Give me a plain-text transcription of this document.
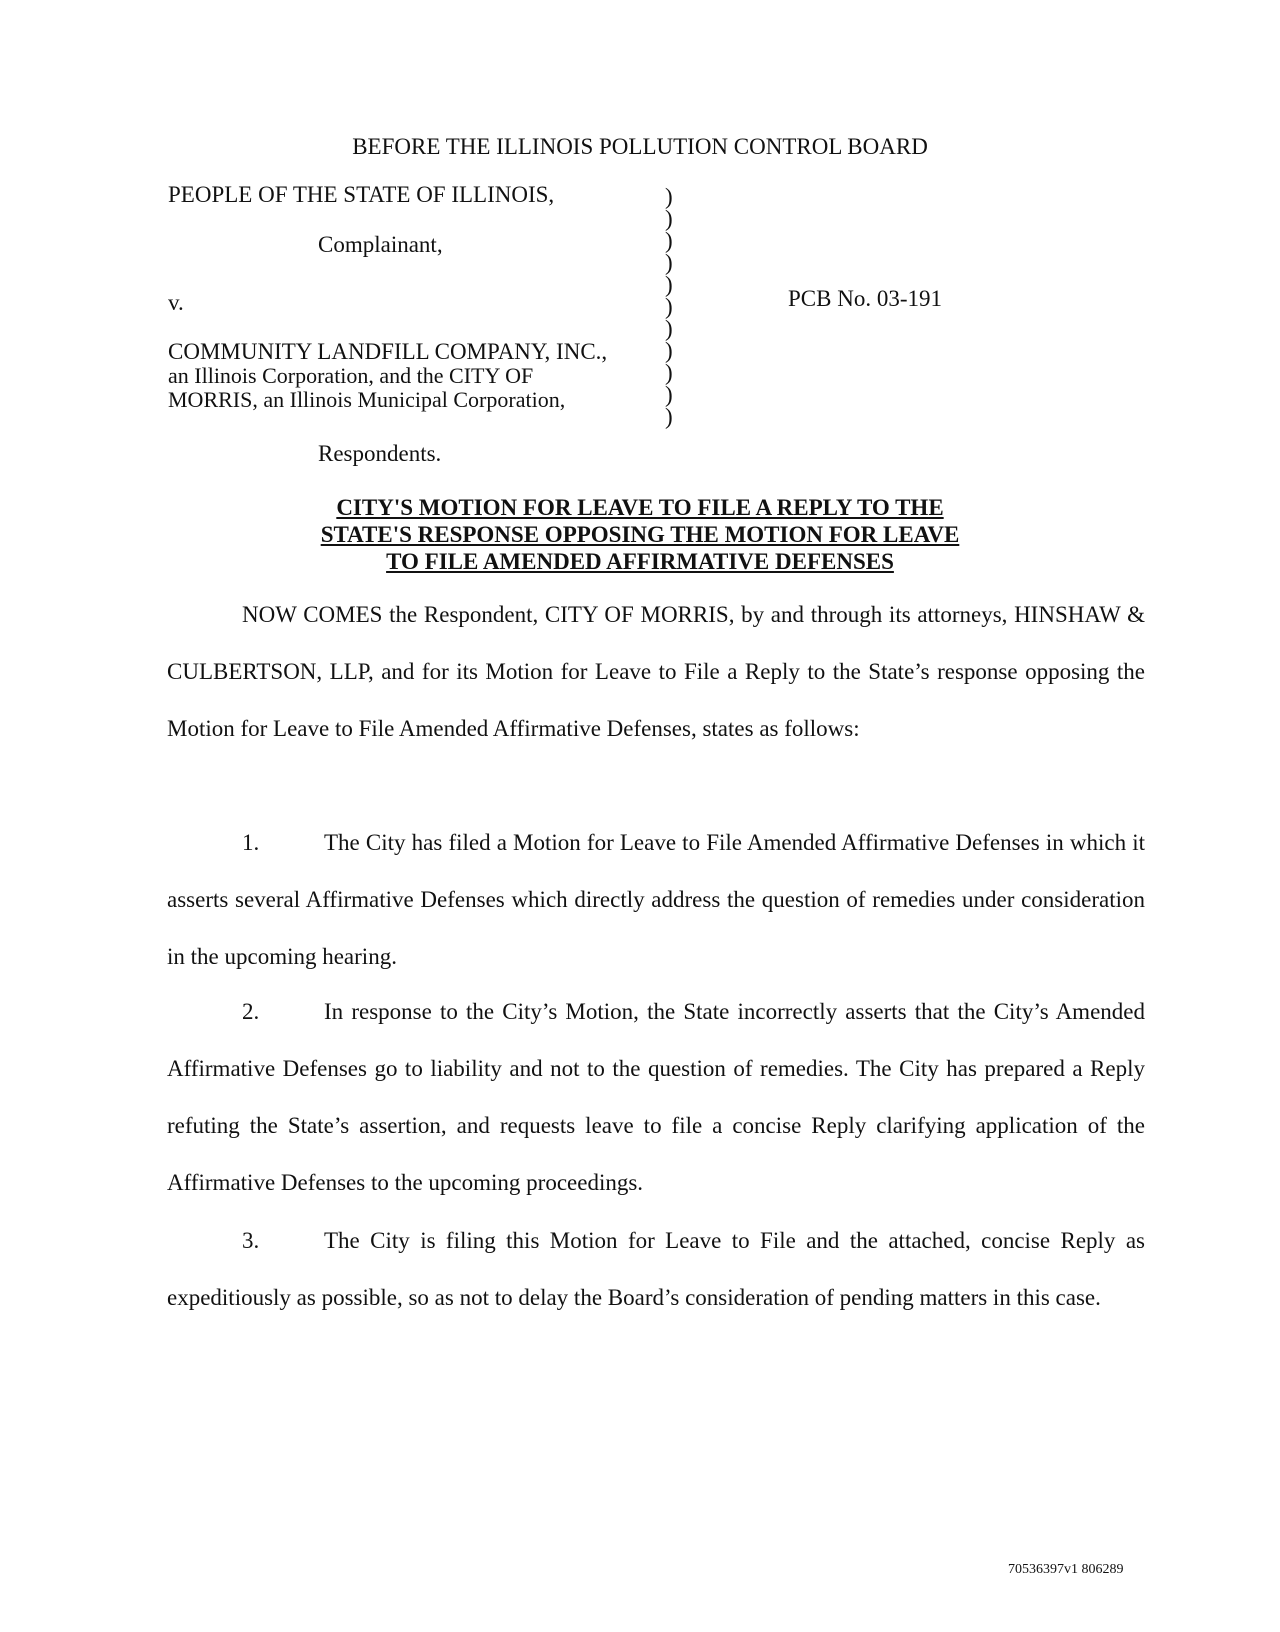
BEFORE THE ILLINOIS POLLUTION CONTROL BOARD
PEOPLE OF THE STATE OF ILLINOIS,
Complainant,
v.	PCB No. 03-191
COMMUNITY LANDFILL COMPANY, INC.,
an Illinois Corporation, and the CITY OF
MORRIS, an Illinois Municipal Corporation,
Respondents.
)
)
)
)
)
)
)
)
)
)
)
CITY'S MOTION FOR LEAVE TO FILE A REPLY TO THE
STATE'S RESPONSE OPPOSING THE MOTION FOR LEAVE
TO FILE AMENDED AFFIRMATIVE DEFENSES
NOW COMES the Respondent, CITY OF MORRIS, by and through its attorneys, HINSHAW & CULBERTSON, LLP, and for its Motion for Leave to File a Reply to the State’s response opposing the Motion for Leave to File Amended Affirmative Defenses, states as follows:
1.	The City has filed a Motion for Leave to File Amended Affirmative Defenses in which it asserts several Affirmative Defenses which directly address the question of remedies under consideration in the upcoming hearing.
2.	In response to the City’s Motion, the State incorrectly asserts that the City’s Amended Affirmative Defenses go to liability and not to the question of remedies. The City has prepared a Reply refuting the State’s assertion, and requests leave to file a concise Reply clarifying application of the Affirmative Defenses to the upcoming proceedings.
3.	The City is filing this Motion for Leave to File and the attached, concise Reply as expeditiously as possible, so as not to delay the Board’s consideration of pending matters in this case.
70536397v1 806289
